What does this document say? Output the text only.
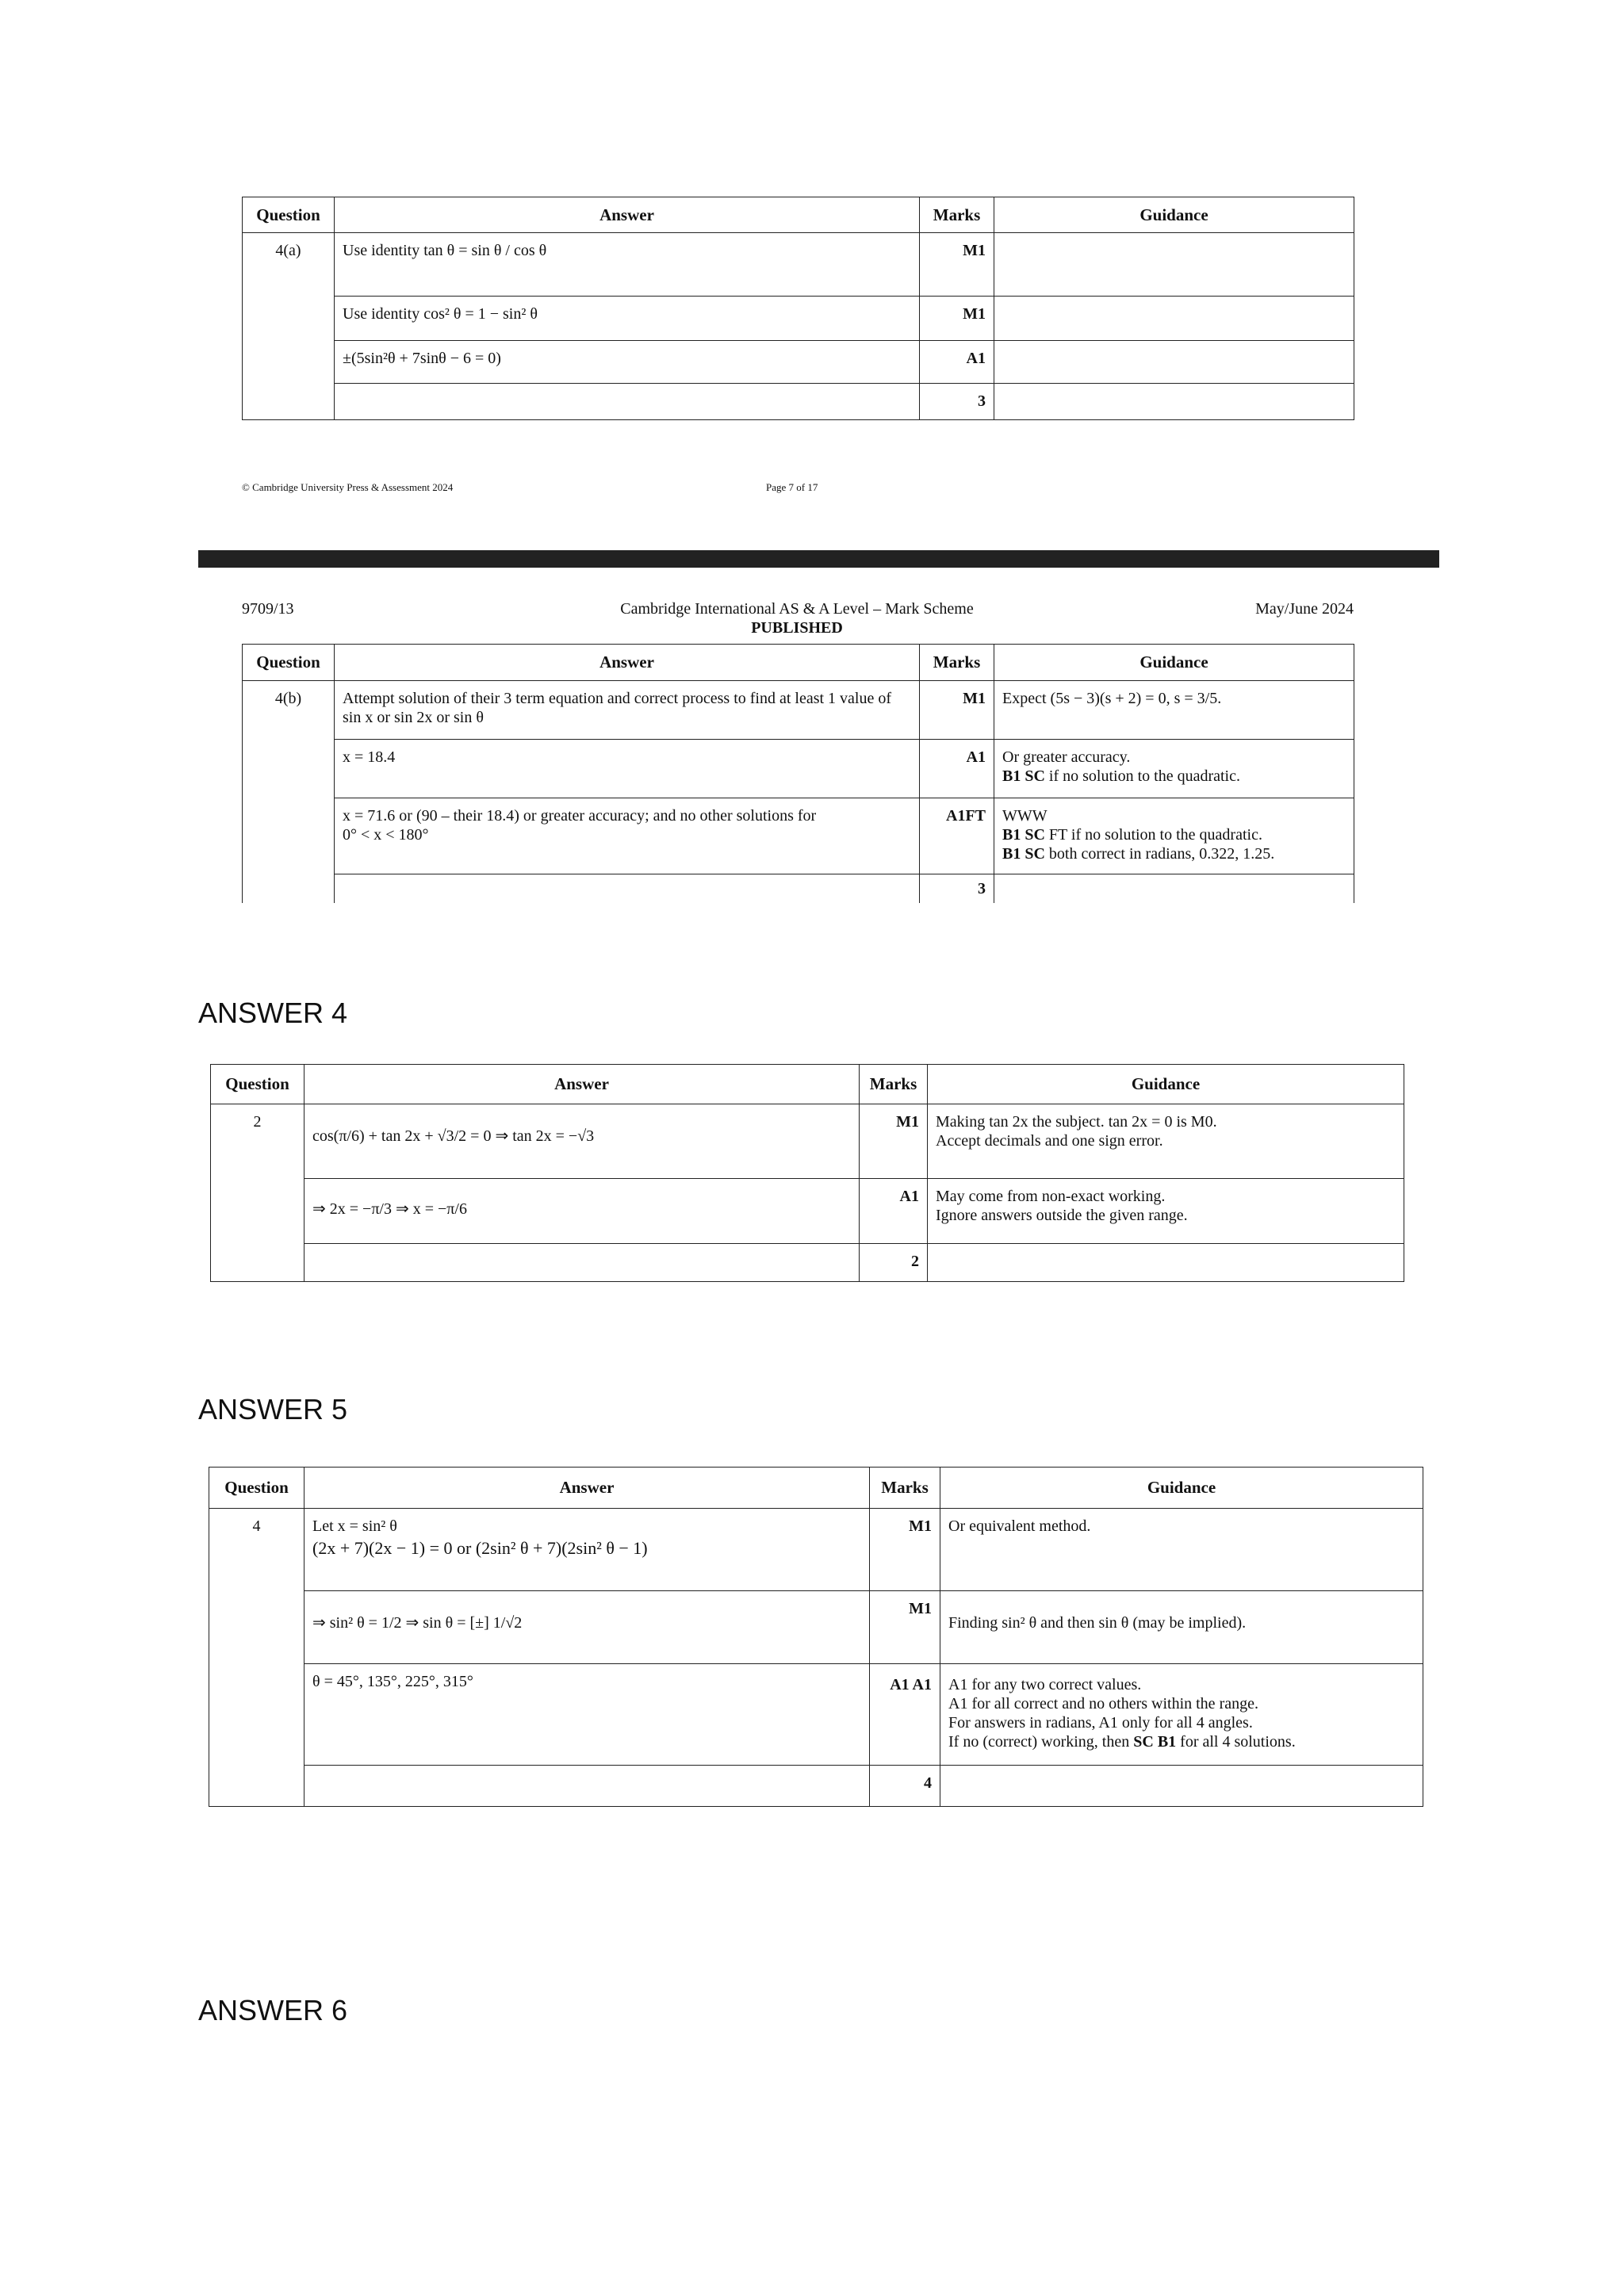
Question	Answer	Marks	Guidance
4(a)	Use identity tan θ = sin θ / cos θ	M1	
	Use identity cos² θ = 1 − sin² θ	M1	
	±(5sin²θ + 7sinθ − 6 = 0)	A1	
		3	
© Cambridge University Press & Assessment 2024	Page 7 of 17
9709/13	Cambridge International AS & A Level – Mark Scheme
PUBLISHED
May/June 2024
Question	Answer	Marks	Guidance
4(b)	Attempt solution of their 3 term equation and correct process to find at least 1 value of sin x or sin 2x or sin θ	M1	Expect (5s − 3)(s + 2) = 0, s = 3/5.
	x = 18.4	A1	Or greater accuracy.
B1 SC if no solution to the quadratic.

	x = 71.6 or (90 – their 18.4) or greater accuracy; and no other solutions for
0° < x < 180°	A1FT	WWW
B1 SC FT if no solution to the quadratic.
B1 SC both correct in radians, 0.322, 1.25.

		3	
ANSWER 4
Question	Answer	Marks	Guidance
2	cos(π/6) + tan 2x + √3/2 = 0 ⇒ tan 2x = −√3	M1	Making tan 2x the subject. tan 2x = 0 is M0.
Accept decimals and one sign error.

	⇒ 2x = −π/3 ⇒ x = −π/6	A1	May come from non-exact working.
Ignore answers outside the given range.

		2	
ANSWER 5
Question	Answer	Marks	Guidance
4	Let x = sin² θ
(2x + 7)(2x − 1) = 0 or (2sin² θ + 7)(2sin² θ − 1)	M1	Or equivalent method.
	⇒ sin² θ = 1/2 ⇒ sin θ = [±] 1/√2	M1	Finding sin² θ and then sin θ (may be implied).
	θ = 45°, 135°, 225°, 315°	A1 A1	A1 for any two correct values.
A1 for all correct and no others within the range.
For answers in radians, A1 only for all 4 angles.
If no (correct) working, then SC B1 for all 4 solutions.

		4	
ANSWER 6
